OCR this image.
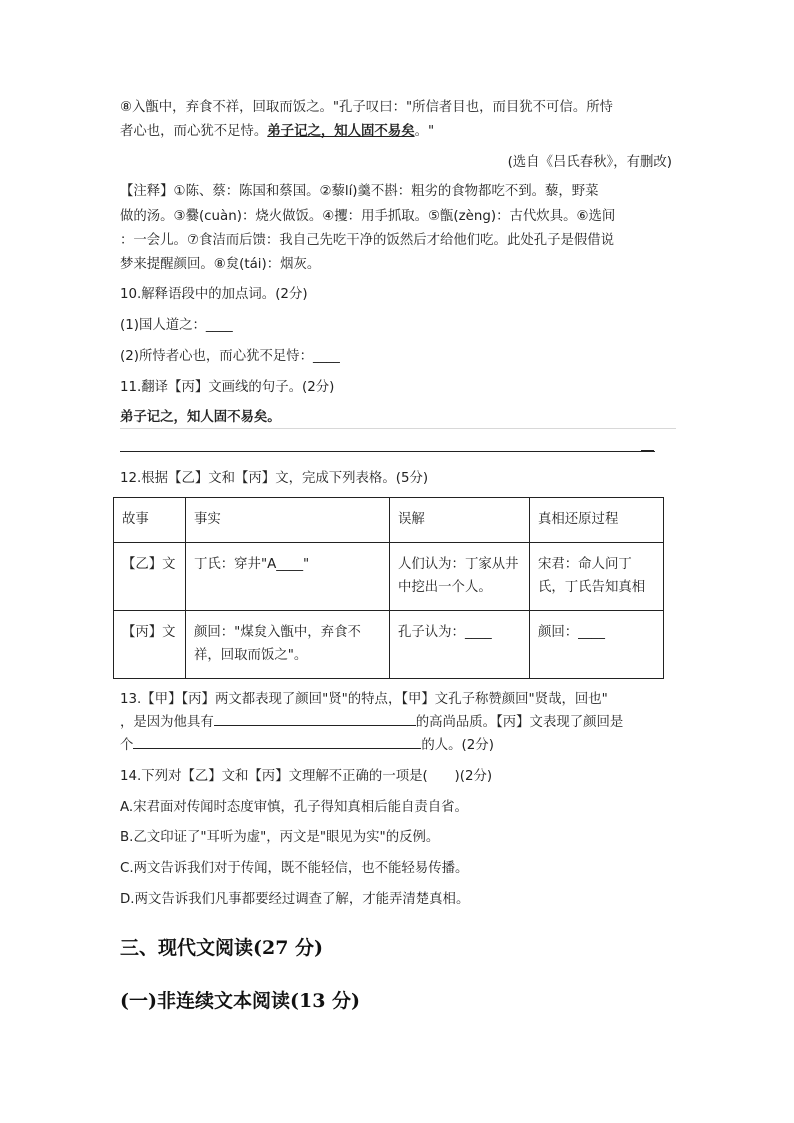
⑧入甑中，弃食不祥，回取而饭之。"孔子叹曰："所信者目也，而目犹不可信。所恃
者心也，而心犹不足恃。弟子记之，知人固不易矣。"
(选自《吕氏春秋》，有删改)
【注释】①陈、蔡：陈国和蔡国。②藜lí)羹不斟：粗劣的食物都吃不到。藜，野菜
做的汤。③爨(cuàn)：烧火做饭。④攫：用手抓取。⑤甑(zèng)：古代炊具。⑥选间
：一会儿。⑦食洁而后馈：我自己先吃干净的饭然后才给他们吃。此处孔子是假借说
梦来提醒颜回。⑧炱(tái)：烟灰。
10.解释语段中的加点词。(2分)
(1)国人道之：____
(2)所恃者心也，而心犹不足恃：____
11.翻译【丙】文画线的句子。(2分)
弟子记之，知人固不易矣。
12.根据【乙】文和【丙】文，完成下列表格。(5分)
故事	事实	误解	真相还原过程
【乙】文	丁氏：穿井"A____"	人们认为：丁家从井中挖出一个人。	宋君：命人问丁氏，丁氏告知真相
【丙】文	颜回："煤炱入甑中，弃食不祥，回取而饭之"。	孔子认为：____	颜回：____
13.【甲】【丙】两文都表现了颜回"贤"的特点，【甲】文孔子称赞颜回"贤哉，回也"
，是因为他具有	的高尚品质。【丙】文表现了颜回是
个	的人。(2分)
14.下列对【乙】文和【丙】文理解不正确的一项是(　　)(2分)
A.宋君面对传闻时态度审慎，孔子得知真相后能自责自省。
B.乙文印证了"耳听为虚"，丙文是"眼见为实"的反例。
C.两文告诉我们对于传闻，既不能轻信，也不能轻易传播。
D.两文告诉我们凡事都要经过调查了解，才能弄清楚真相。
三、现代文阅读(27 分)
(一)非连续文本阅读(13 分)
